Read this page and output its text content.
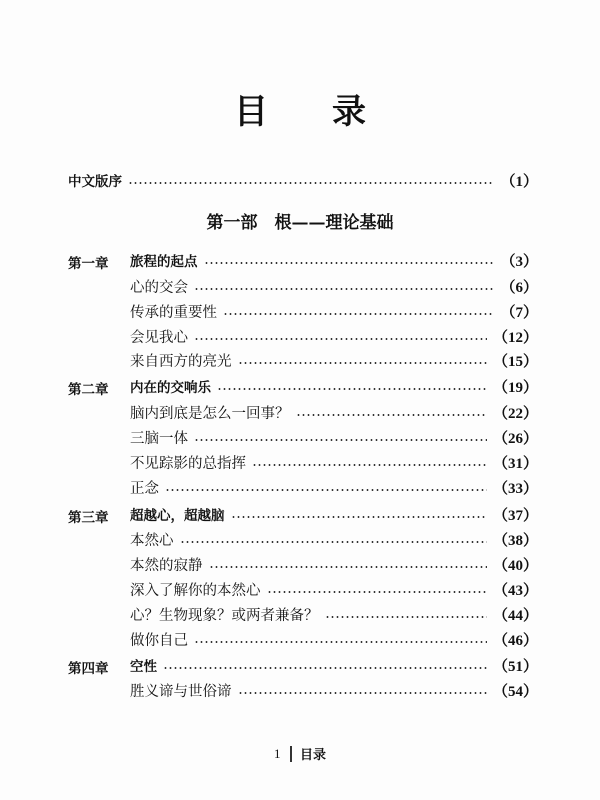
目 录
中文版序	（1）
第一部　根——理论基础
第一章 旅程的起点	（3）
心的交会	（6）
传承的重要性	（7）
会见我心	（12）
来自西方的亮光	（15）
第二章 内在的交响乐	（19）
脑内到底是怎么一回事？	（22）
三脑一体	（26）
不见踪影的总指挥	（31）
正念	（33）
第三章 超越心，超越脑	（37）
本然心	（38）
本然的寂静	（40）
深入了解你的本然心	（43）
心？生物现象？或两者兼备？	（44）
做你自己	（46）
第四章 空性	（51）
胜义谛与世俗谛	（54）
1 目录
